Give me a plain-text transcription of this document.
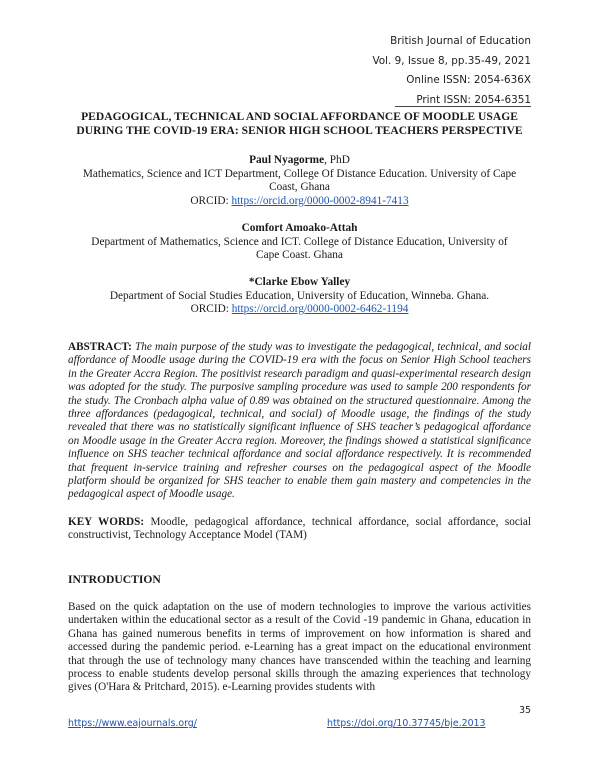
British Journal of Education
Vol. 9, Issue 8, pp.35-49, 2021
Online ISSN: 2054-636X
Print ISSN: 2054-6351
PEDAGOGICAL, TECHNICAL AND SOCIAL AFFORDANCE OF MOODLE USAGE
DURING THE COVID-19 ERA: SENIOR HIGH SCHOOL TEACHERS PERSPECTIVE
Paul Nyagorme, PhD
Mathematics, Science and ICT Department, College Of Distance Education. University of Cape
Coast, Ghana
ORCID: https://orcid.org/0000-0002-8941-7413
Comfort Amoako-Attah
Department of Mathematics, Science and ICT. College of Distance Education, University of
Cape Coast. Ghana
*Clarke Ebow Yalley
Department of Social Studies Education, University of Education, Winneba. Ghana.
ORCID: https://orcid.org/0000-0002-6462-1194
ABSTRACT: The main purpose of the study was to investigate the pedagogical, technical, and social affordance of Moodle usage during the COVID-19 era with the focus on Senior High School teachers in the Greater Accra Region. The positivist research paradigm and quasi-experimental research design was adopted for the study. The purposive sampling procedure was used to sample 200 respondents for the study. The Cronbach alpha value of 0.89 was obtained on the structured questionnaire. Among the three affordances (pedagogical, technical, and social) of Moodle usage, the findings of the study revealed that there was no statistically significant influence of SHS teacher’s pedagogical affordance on Moodle usage in the Greater Accra region. Moreover, the findings showed a statistical significance influence on SHS teacher technical affordance and social affordance respectively. It is recommended that frequent in-service training and refresher courses on the pedagogical aspect of the Moodle platform should be organized for SHS teacher to enable them gain mastery and competencies in the pedagogical aspect of Moodle usage.
KEY WORDS: Moodle, pedagogical affordance, technical affordance, social affordance, social constructivist, Technology Acceptance Model (TAM)
INTRODUCTION
Based on the quick adaptation on the use of modern technologies to improve the various activities undertaken within the educational sector as a result of the Covid -19 pandemic in Ghana, education in Ghana has gained numerous benefits in terms of improvement on how information is shared and accessed during the pandemic period. e-Learning has a great impact on the educational environment that through the use of technology many chances have transcended within the teaching and learning process to enable students develop personal skills through the amazing experiences that technology gives (O'Hara & Pritchard, 2015). e-Learning provides students with
35
https://www.eajournals.org/	https://doi.org/10.37745/bje.2013
